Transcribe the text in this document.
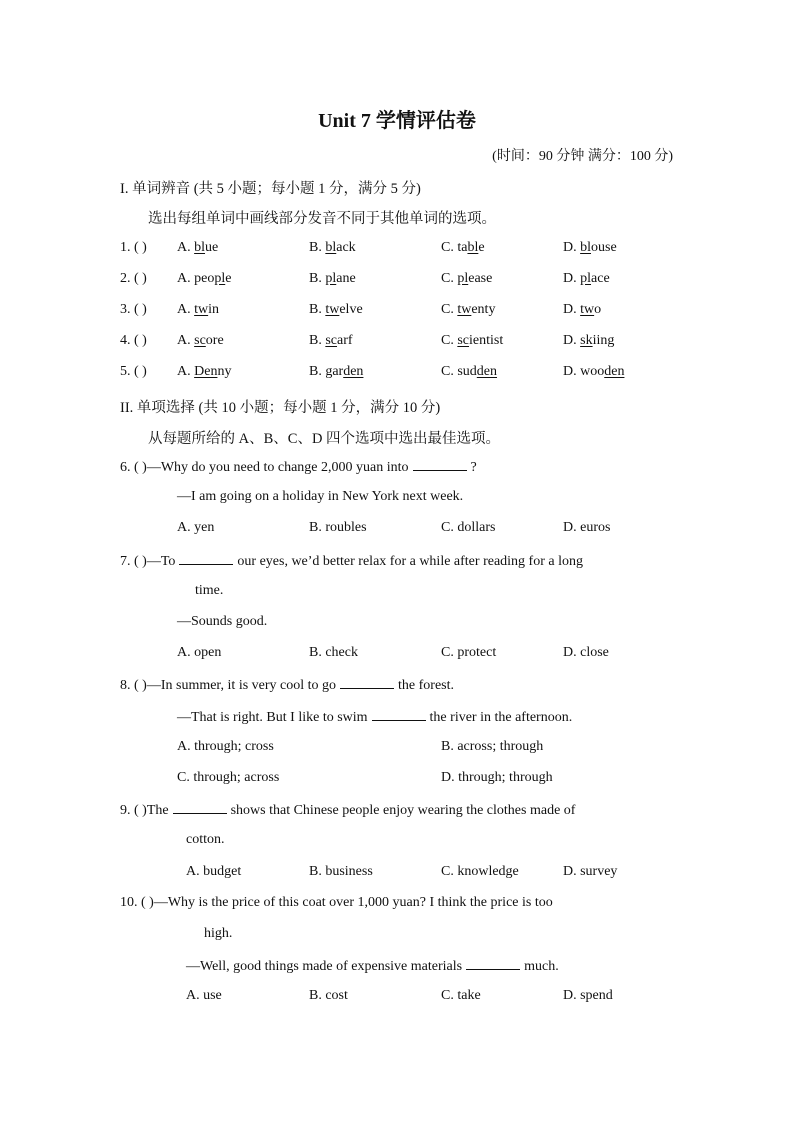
Unit 7 学情评估卷
(时间：90 分钟 满分：100 分)
I. 单词辨音 (共 5 小题；每小题 1 分，满分 5 分)
选出每组单词中画线部分发音不同于其他单词的选项。
1. ( ) A. blue	B. black	C. table	D. blouse
2. ( ) A. people	B. plane	C. please	D. place
3. ( ) A. twin	B. twelve	C. twenty	D. two
4. ( ) A. score	B. scarf	C. scientist	D. skiing
5. ( ) A. Denny	B. garden	C. sudden	D. wooden
II. 单项选择 (共 10 小题；每小题 1 分，满分 10 分)
从每题所给的 A、B、C、D 四个选项中选出最佳选项。
6. ( )—Why do you need to change 2,000 yuan into	?
—I am going on a holiday in New York next week.
A. yen	B. roubles	C. dollars	D. euros
7. ( )—To	our eyes, we’d better relax for a while after reading for a long
time.
—Sounds good.
A. open	B. check	C. protect	D. close
8. ( )—In summer, it is very cool to go	the forest.
—That is right. But I like to swim	the river in the afternoon.
A. through; cross	B. across; through
C. through; across	D. through; through
9. ( )The	shows that Chinese people enjoy wearing the clothes made of
cotton.
A. budget	B. business	C. knowledge	D. survey
10. ( )—Why is the price of this coat over 1,000 yuan? I think the price is too
high.
—Well, good things made of expensive materials	much.
A. use	B. cost	C. take	D. spend
